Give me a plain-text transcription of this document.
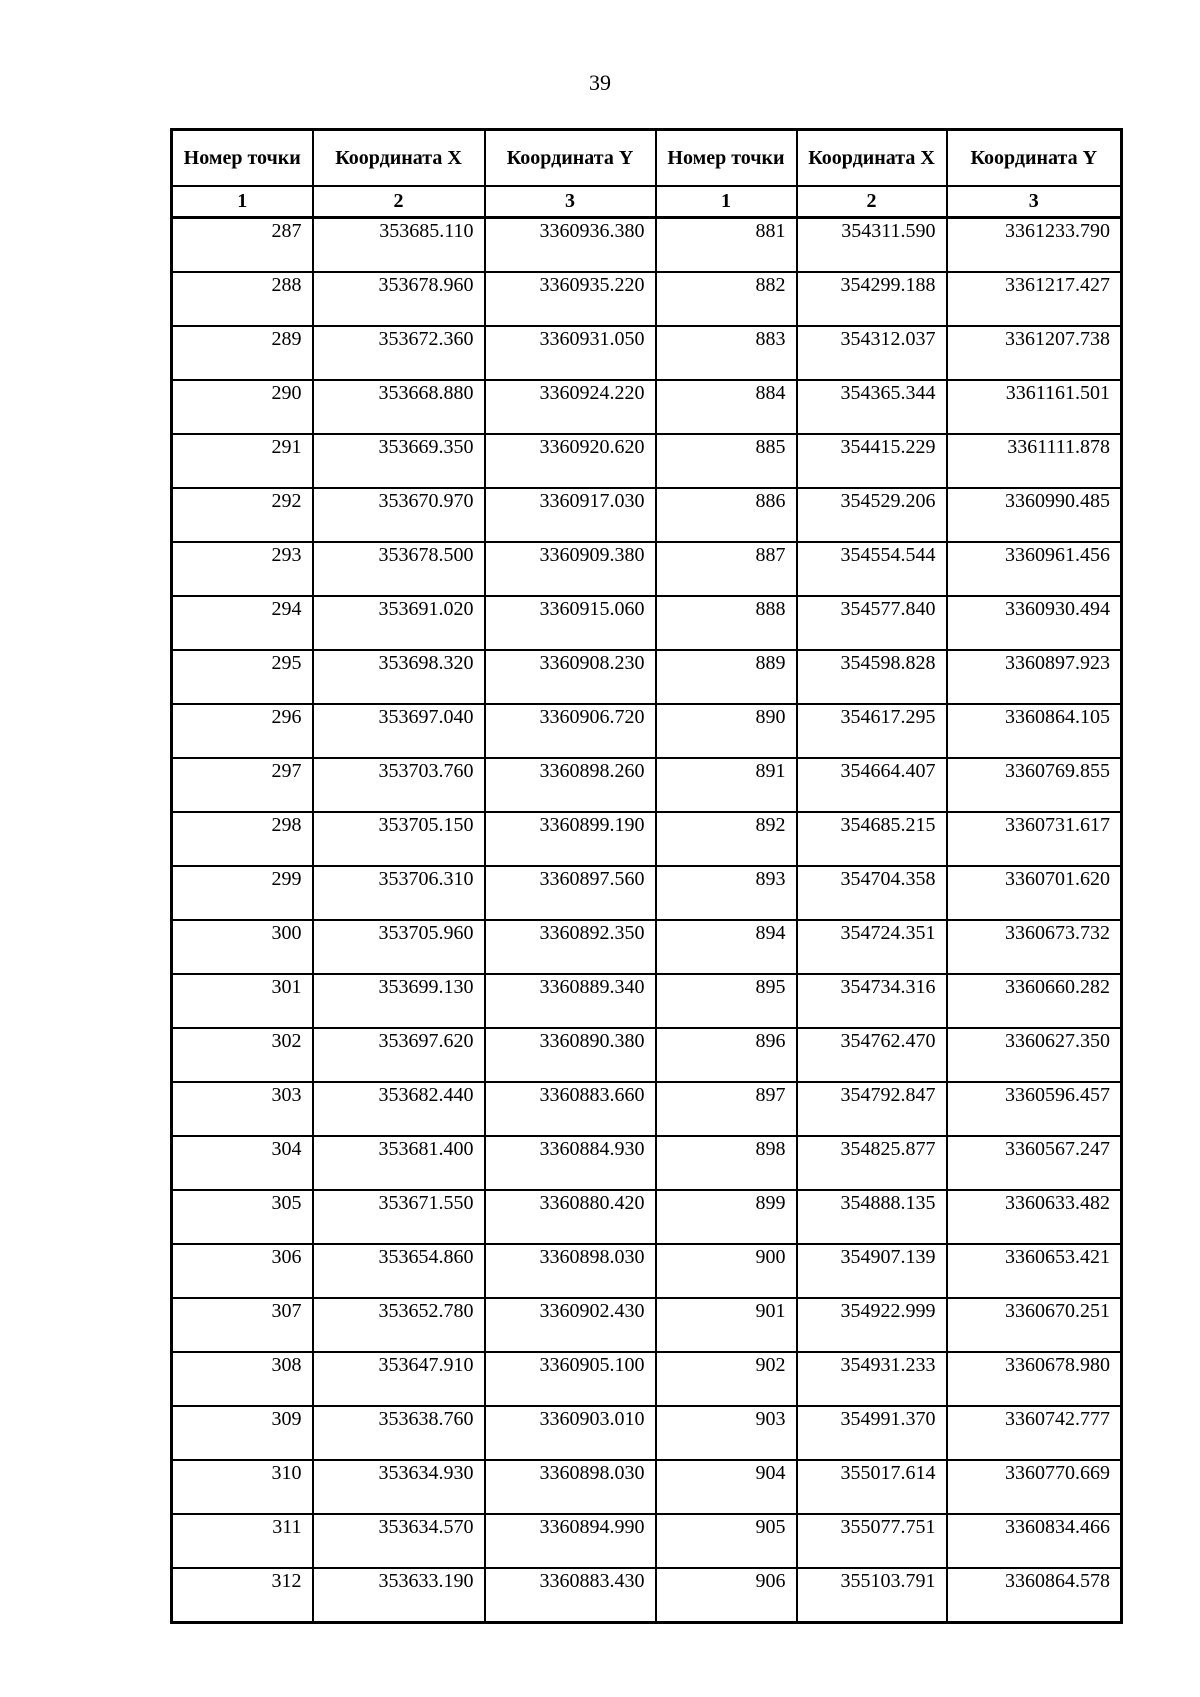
39
Номер точки	Координата X	Координата Y	Номер точки	Координата X	Координата Y
1	2	3	1	2	3
287	353685.110	3360936.380	881	354311.590	3361233.790
288	353678.960	3360935.220	882	354299.188	3361217.427
289	353672.360	3360931.050	883	354312.037	3361207.738
290	353668.880	3360924.220	884	354365.344	3361161.501
291	353669.350	3360920.620	885	354415.229	3361111.878
292	353670.970	3360917.030	886	354529.206	3360990.485
293	353678.500	3360909.380	887	354554.544	3360961.456
294	353691.020	3360915.060	888	354577.840	3360930.494
295	353698.320	3360908.230	889	354598.828	3360897.923
296	353697.040	3360906.720	890	354617.295	3360864.105
297	353703.760	3360898.260	891	354664.407	3360769.855
298	353705.150	3360899.190	892	354685.215	3360731.617
299	353706.310	3360897.560	893	354704.358	3360701.620
300	353705.960	3360892.350	894	354724.351	3360673.732
301	353699.130	3360889.340	895	354734.316	3360660.282
302	353697.620	3360890.380	896	354762.470	3360627.350
303	353682.440	3360883.660	897	354792.847	3360596.457
304	353681.400	3360884.930	898	354825.877	3360567.247
305	353671.550	3360880.420	899	354888.135	3360633.482
306	353654.860	3360898.030	900	354907.139	3360653.421
307	353652.780	3360902.430	901	354922.999	3360670.251
308	353647.910	3360905.100	902	354931.233	3360678.980
309	353638.760	3360903.010	903	354991.370	3360742.777
310	353634.930	3360898.030	904	355017.614	3360770.669
311	353634.570	3360894.990	905	355077.751	3360834.466
312	353633.190	3360883.430	906	355103.791	3360864.578
